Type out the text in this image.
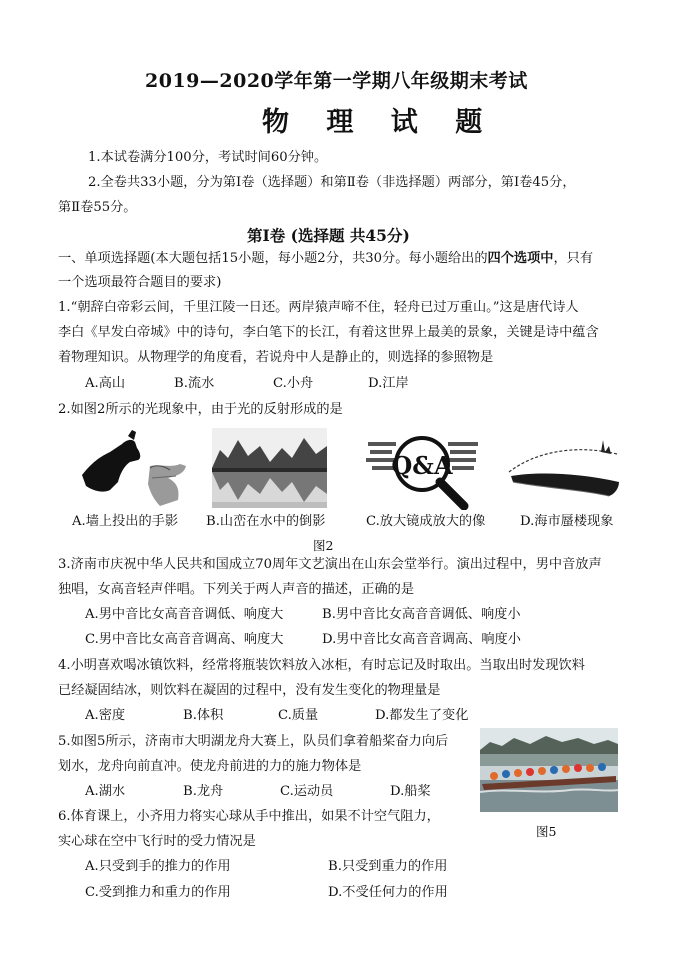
2019—2020学年第一学期八年级期末考试
物 理 试 题
1.本试卷满分100分，考试时间60分钟。
2.全卷共33小题，分为第Ⅰ卷（选择题）和第Ⅱ卷（非选择题）两部分，第Ⅰ卷45分，
第Ⅱ卷55分。
第Ⅰ卷 (选择题 共45分)
一、单项选择题(本大题包括15小题，每小题2分，共30分。每小题给出的四个选项中，只有
一个选项最符合题目的要求)
1.“朝辞白帝彩云间，千里江陵一日还。两岸猿声啼不住，轻舟已过万重山。”这是唐代诗人
李白《早发白帝城》中的诗句，李白笔下的长江，有着这世界上最美的景象，关键是诗中蕴含
着物理知识。从物理学的角度看，若说舟中人是静止的，则选择的参照物是
A.高山	B.流水	C.小舟	D.江岸
2.如图2所示的光现象中，由于光的反射形成的是
Q&A
A.墙上投出的手影 B.山峦在水中的倒影	C.放大镜成放大的像	D.海市蜃楼现象
图2
3.济南市庆祝中华人民共和国成立70周年文艺演出在山东会堂举行。演出过程中，男中音放声
独唱，女高音轻声伴唱。下列关于两人声音的描述，正确的是
A.男中音比女高音音调低、响度大	B.男中音比女高音音调低、响度小
C.男中音比女高音音调高、响度大	D.男中音比女高音音调高、响度小
4.小明喜欢喝冰镇饮料，经常将瓶装饮料放入冰柜，有时忘记及时取出。当取出时发现饮料
已经凝固结冰，则饮料在凝固的过程中，没有发生变化的物理量是
A.密度	B.体积	C.质量	D.都发生了变化
5.如图5所示，济南市大明湖龙舟大赛上，队员们拿着船桨奋力向后
划水，龙舟向前直冲。使龙舟前进的力的施力物体是
A.湖水	B.龙舟	C.运动员	D.船桨
图5
6.体育课上，小齐用力将实心球从手中推出，如果不计空气阻力，
实心球在空中飞行时的受力情况是
A.只受到手的推力的作用	B.只受到重力的作用
C.受到推力和重力的作用	D.不受任何力的作用
